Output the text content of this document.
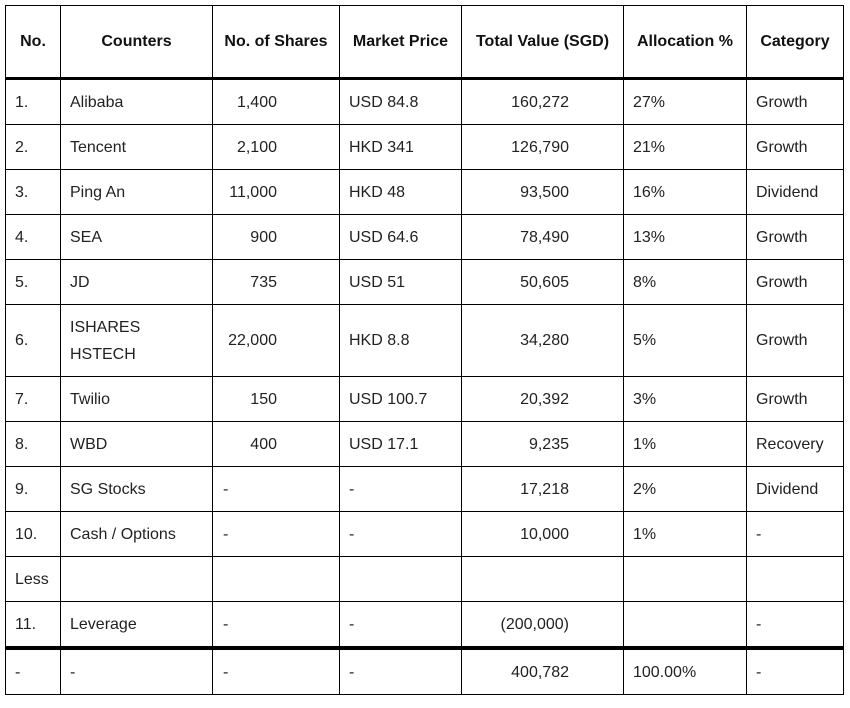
No.	Counters	No. of Shares	Market Price	Total Value (SGD)	Allocation %	Category
1.	Alibaba	1,400	USD 84.8	160,272	27%	Growth
2.	Tencent	2,100	HKD 341	126,790	21%	Growth
3.	Ping An	11,000	HKD 48	93,500	16%	Dividend
4.	SEA	900	USD 64.6	78,490	13%	Growth
5.	JD	735	USD 51	50,605	8%	Growth
6.	ISHARES HSTECH	22,000	HKD 8.8	34,280	5%	Growth
7.	Twilio	150	USD 100.7	20,392	3%	Growth
8.	WBD	400	USD 17.1	9,235	1%	Recovery
9.	SG Stocks	-	-	17,218	2%	Dividend
10.	Cash / Options	-	-	10,000	1%	-
Less						
11.	Leverage	-	-	(200,000)		-
-	-	-	-	400,782	100.00%	-
